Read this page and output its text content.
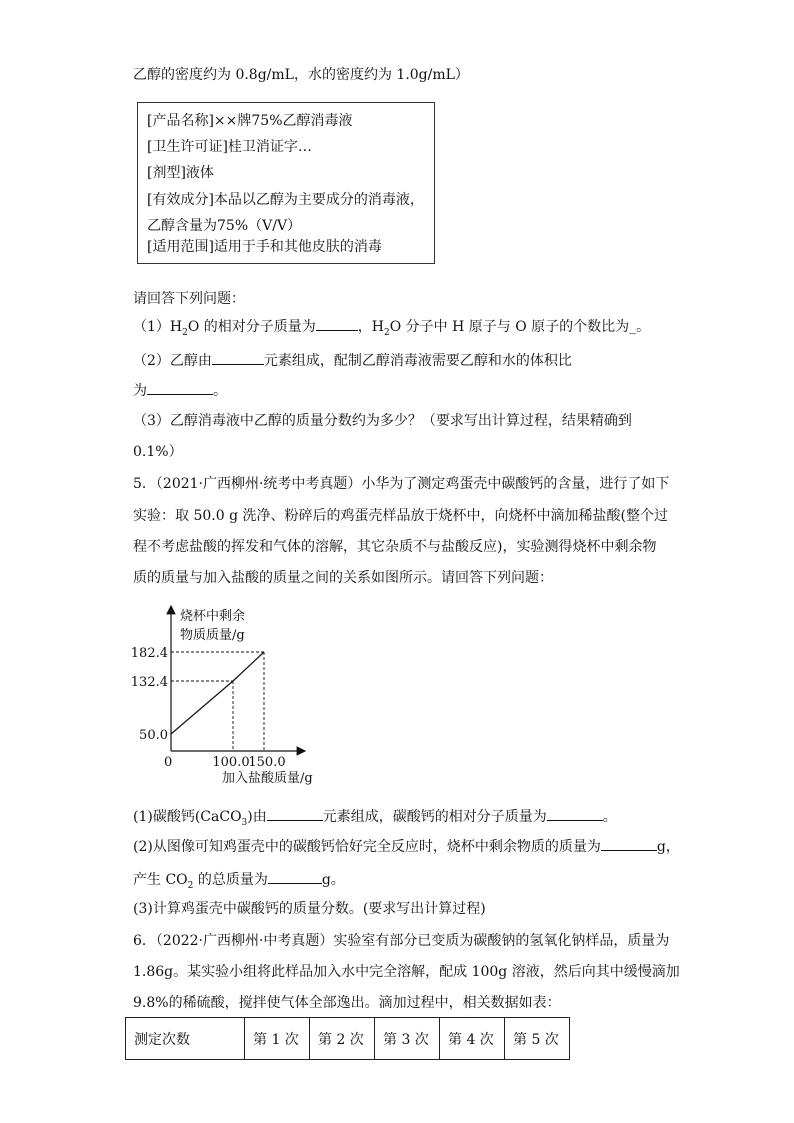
乙醇的密度约为 0.8g/mL，水的密度约为 1.0g/mL）
[产品名称]××牌75%乙醇消毒液
[卫生许可证]桂卫消证字…
[剂型]液体
[有效成分]本品以乙醇为主要成分的消毒液，
乙醇含量为75%（V/V）
[适用范围]适用于手和其他皮肤的消毒
请回答下列问题：
$(1)H_2O$ 的相对分子质量为	，$H_2O$ 分子中 H 原子与 O 原子的个数比为_。
（2）乙醇由	元素组成，配制乙醇消毒液需要乙醇和水的体积比
为	。
（3）乙醇消毒液中乙醇的质量分数约为多少？（要求写出计算过程，结果精确到
0.1%）
5．（2021·广西柳州·统考中考真题）小华为了测定鸡蛋壳中碳酸钙的含量，进行了如下
实验：取 50.0 g 洗净、粉碎后的鸡蛋壳样品放于烧杯中，向烧杯中滴加稀盐酸(整个过
程不考虑盐酸的挥发和气体的溶解，其它杂质不与盐酸反应)，实验测得烧杯中剩余物
质的质量与加入盐酸的质量之间的关系如图所示。请回答下列问题：
烧杯中剩余
物质质量/g
加入盐酸质量/g
0
50.0
132.4
182.4
100.0
150.0
(1)碳酸钙(CaCO$_3$)由	元素组成，碳酸钙的相对分子质量为	。
(2)从图像可知鸡蛋壳中的碳酸钙恰好完全反应时，烧杯中剩余物质的质量为	g，
产生 $CO_2$ 的总质量为	g。
(3)计算鸡蛋壳中碳酸钙的质量分数。(要求写出计算过程)
6．（2022·广西柳州·中考真题）实验室有部分已变质为碳酸钠的氢氧化钠样品，质量为
1.86g。某实验小组将此样品加入水中完全溶解，配成 100g 溶液，然后向其中缓慢滴加
9.8%的稀硫酸，搅拌使气体全部逸出。滴加过程中，相关数据如表：
测定次数	第 1 次	第 2 次	第 3 次	第 4 次	第 5 次
